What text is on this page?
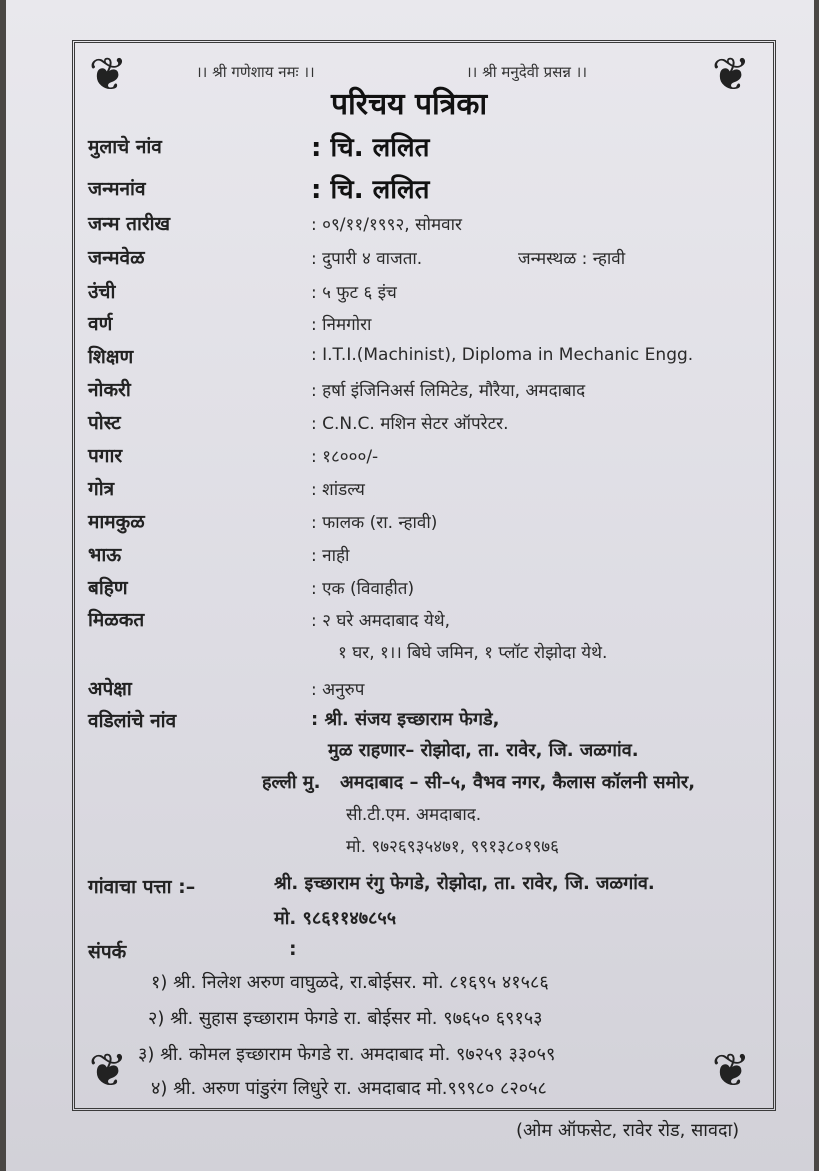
❦	❦
❦	❦
।। श्री गणेशाय नमः ।।	।। श्री मनुदेवी प्रसन्न ।।
परिचय पत्रिका
मुलाचे नांव	: चि. ललित
जन्मनांव	: चि. ललित
जन्म तारीख	: ०९/११/१९९२, सोमवार
जन्मवेळ	: दुपारी ४ वाजता.	जन्मस्थळ : न्हावी
उंची	: ५ फुट ६ इंच
वर्ण	: निमगोरा
शिक्षण	: I.T.I.(Machinist), Diploma in Mechanic Engg.
नोकरी	: हर्षा इंजिनिअर्स लिमिटेड, मौरैया, अमदाबाद
पोस्ट	: C.N.C. मशिन सेटर ऑपरेटर.
पगार	: १८०००/-
गोत्र	: शांडल्य
मामकुळ	: फालक (रा. न्हावी)
भाऊ	: नाही
बहिण	: एक (विवाहीत)
मिळकत	: २ घरे अमदाबाद येथे,
१ घर, १।। बिघे जमिन, १ प्लॉट रोझोदा येथे.
अपेक्षा	: अनुरुप
वडिलांचे नांव	: श्री. संजय इच्छाराम फेगडे,
मुळ राहणार– रोझोदा, ता. रावेर, जि. जळगांव.
हल्ली मु. अमदाबाद – सी–५, वैभव नगर, कैलास कॉलनी समोर,
सी.टी.एम. अमदाबाद.
मो. ९७२६९३५४७१, ९९१३८०१९७६
गांवाचा पत्ता :–	श्री. इच्छाराम रंगु फेगडे, रोझोदा, ता. रावेर, जि. जळगांव.
मो. ९८६११४७८५५
संपर्क	:
१) श्री. निलेश अरुण वाघुळदे, रा.बोईसर. मो. ८१६९५ ४१५८६
२) श्री. सुहास इच्छाराम फेगडे रा. बोईसर मो. ९७६५० ६९१५३
३) श्री. कोमल इच्छाराम फेगडे रा. अमदाबाद मो. ९७२५९ ३३०५९
४) श्री. अरुण पांडुरंग लिधुरे रा. अमदाबाद मो.९९९८० ८२०५८
(ओम ऑफसेट, रावेर रोड, सावदा)
